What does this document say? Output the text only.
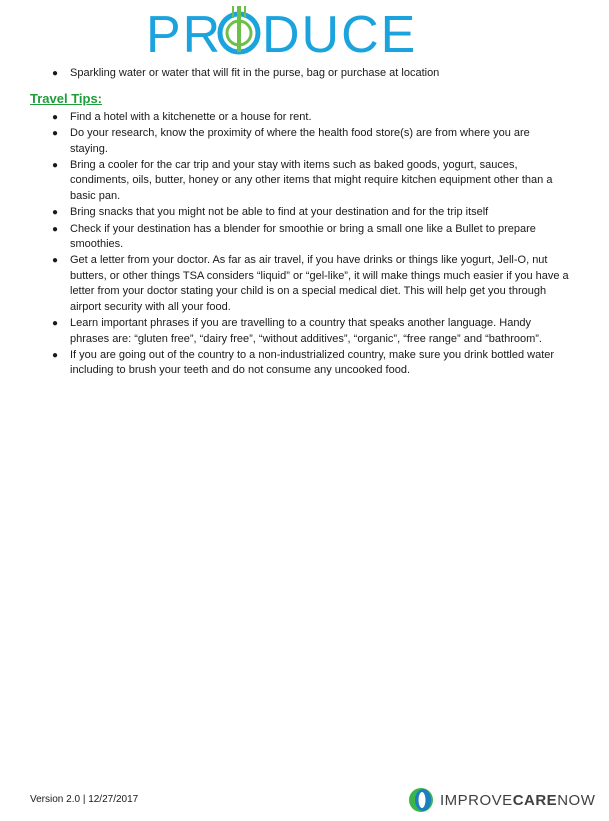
PR DUCE
● Sparkling water or water that will fit in the purse, bag or purchase at location
Travel Tips:
● Find a hotel with a kitchenette or a house for rent.
● Do your research, know the proximity of where the health food store(s) are from where you are staying.
● Bring a cooler for the car trip and your stay with items such as baked goods, yogurt, sauces, condiments, oils, butter, honey or any other items that might require kitchen equipment other than a basic pan.
● Bring snacks that you might not be able to find at your destination and for the trip itself
● Check if your destination has a blender for smoothie or bring a small one like a Bullet to prepare smoothies.
● Get a letter from your doctor. As far as air travel, if you have drinks or things like yogurt, Jell-O, nut butters, or other things TSA considers “liquid” or “gel-like”, it will make things much easier if you have a letter from your doctor stating your child is on a special medical diet. This will help get you through airport security with all your food.
● Learn important phrases if you are travelling to a country that speaks another language. Handy phrases are: “gluten free”, “dairy free”, “without additives”, “organic”, “free range” and “bathroom”.
● If you are going out of the country to a non-industrialized country, make sure you drink bottled water including to brush your teeth and do not consume any uncooked food.
Version 2.0 | 12/27/2017	IMPROVECARENOW
